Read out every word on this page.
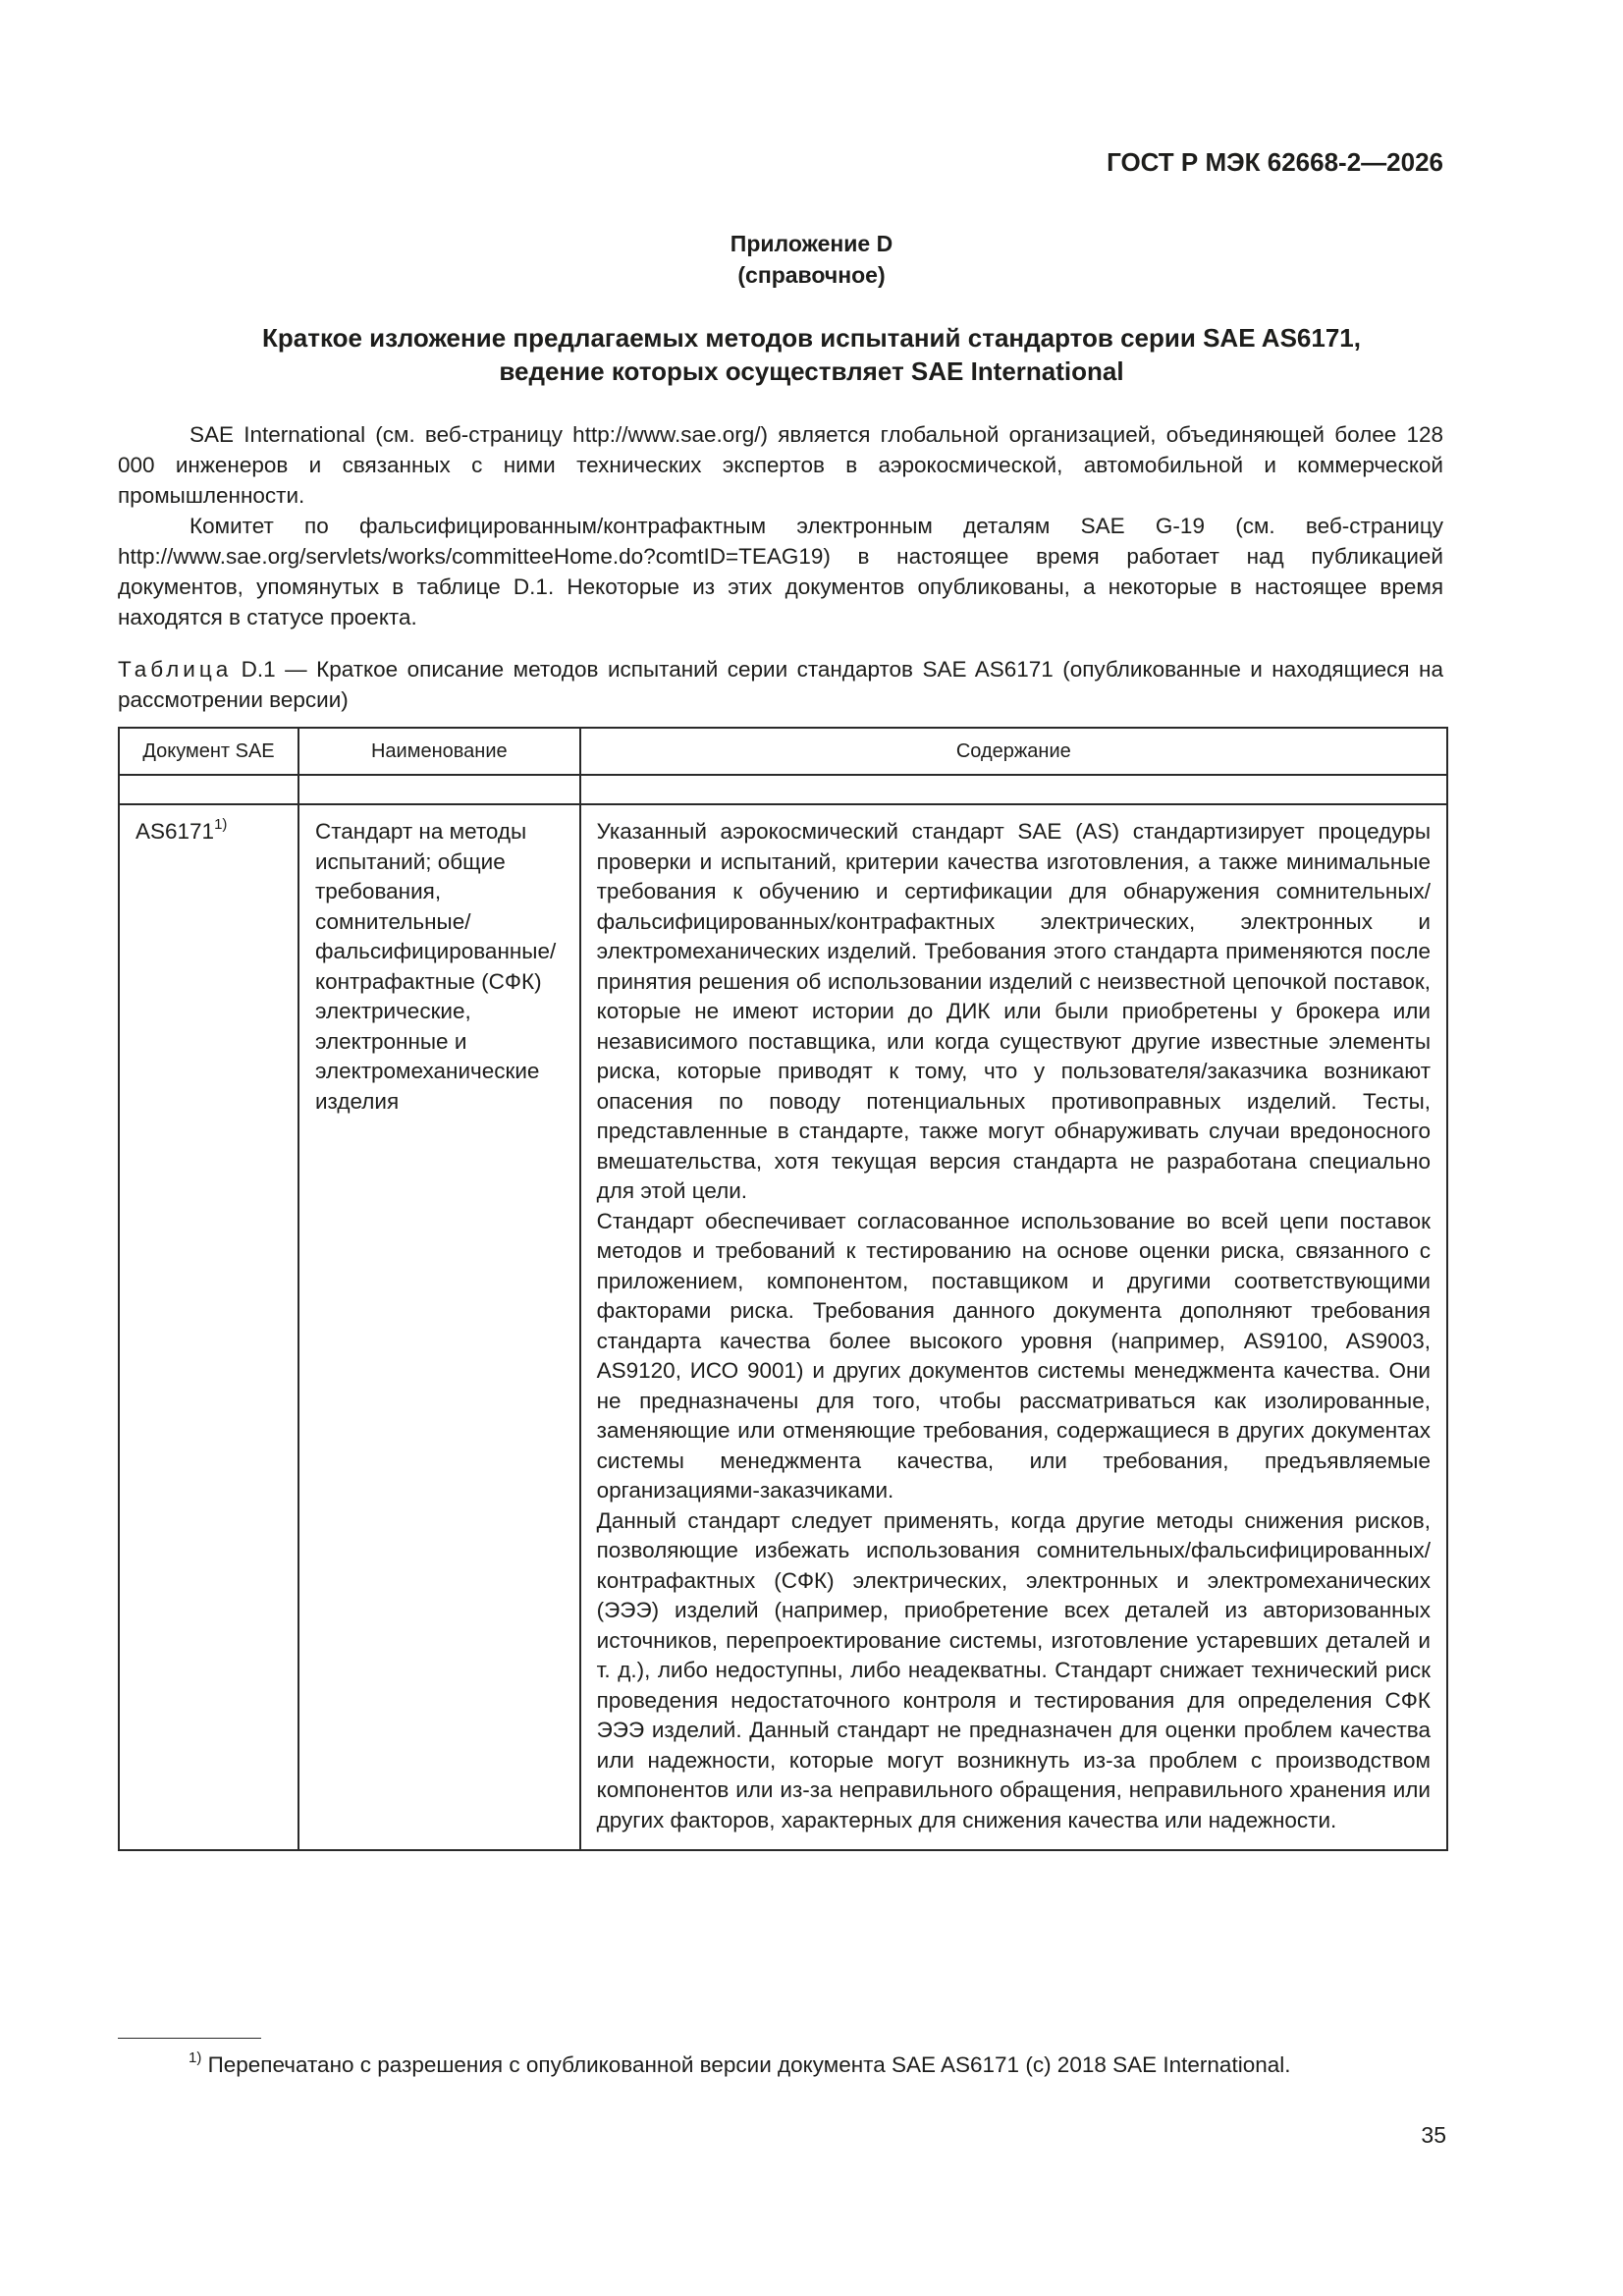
ГОСТ Р МЭК 62668-2—2026
Приложение D
(справочное)
Краткое изложение предлагаемых методов испытаний стандартов серии SAE AS6171,
ведение которых осуществляет SAE International

SAE International (см. веб-страницу http://www.sae.org/) является глобальной организацией, объединяющей более 128 000 инженеров и связанных с ними технических экспертов в аэрокосмической, автомобильной и коммерческой промышленности.

Комитет по фальсифицированным/контрафактным электронным деталям SAE G-19 (см. веб-страницу http://www.sae.org/servlets/works/committeeHome.do?comtID=TEAG19) в настоящее время работает над публикацией документов, упомянутых в таблице D.1. Некоторые из этих документов опубликованы, а некоторые в настоящее время находятся в статусе проекта.

Таблица D.1 — Краткое описание методов испытаний серии стандартов SAE AS6171 (опубликованные и находящиеся на рассмотрении версии)
Документ SAE	Наименование	Содержание

AS6171$^{1)}$	Стандарт на методы испытаний; общие требования, сомнительные/фальсифицированные/контрафактные (СФК) электрические, электронные и электромеханические изделия	Указанный аэрокосмический стандарт SAE (AS) стандартизирует процедуры проверки и испытаний, критерии качества изготовления, а также минимальные требования к обучению и сертификации для обнаружения сомнительных/фальсифицированных/контрафактных электрических, электронных и электромеханических изделий. Требования этого стандарта применяются после принятия решения об использовании изделий с неизвестной цепочкой поставок, которые не имеют истории до ДИК или были приобретены у брокера или независимого поставщика, или когда существуют другие известные элементы риска, которые приводят к тому, что у пользователя/заказчика возникают опасения по поводу потенциальных противоправных изделий. Тесты, представленные в стандарте, также могут обнаруживать случаи вредоносного вмешательства, хотя текущая версия стандарта не разработана специально для этой цели.

Стандарт обеспечивает согласованное использование во всей цепи поставок методов и требований к тестированию на основе оценки риска, связанного с приложением, компонентом, поставщиком и другими соответствующими факторами риска. Требования данного документа дополняют требования стандарта качества более высокого уровня (например, AS9100, AS9003, AS9120, ИСО 9001) и других документов системы менеджмента качества. Они не предназначены для того, чтобы рассматриваться как изолированные, заменяющие или отменяющие требования, содержащиеся в других документах системы менеджмента качества, или требования, предъявляемые организациями-заказчиками.

Данный стандарт следует применять, когда другие методы снижения рисков, позволяющие избежать использования сомнительных/фальсифицированных/контрафактных (СФК) электрических, электронных и электромеханических (ЭЭЭ) изделий (например, приобретение всех деталей из авторизованных источников, перепроектирование системы, изготовление устаревших деталей и т. д.), либо недоступны, либо неадекватны. Стандарт снижает технический риск проведения недостаточного контроля и тестирования для определения СФК ЭЭЭ изделий. Данный стандарт не предназначен для оценки проблем качества или надежности, которые могут возникнуть из-за проблем с производством компонентов или из-за неправильного обращения, неправильного хранения или других факторов, характерных для снижения качества или надежности.

$^{1)}$ Перепечатано с разрешения с опубликованной версии документа SAE AS6171 (с) 2018 SAE International.
35
